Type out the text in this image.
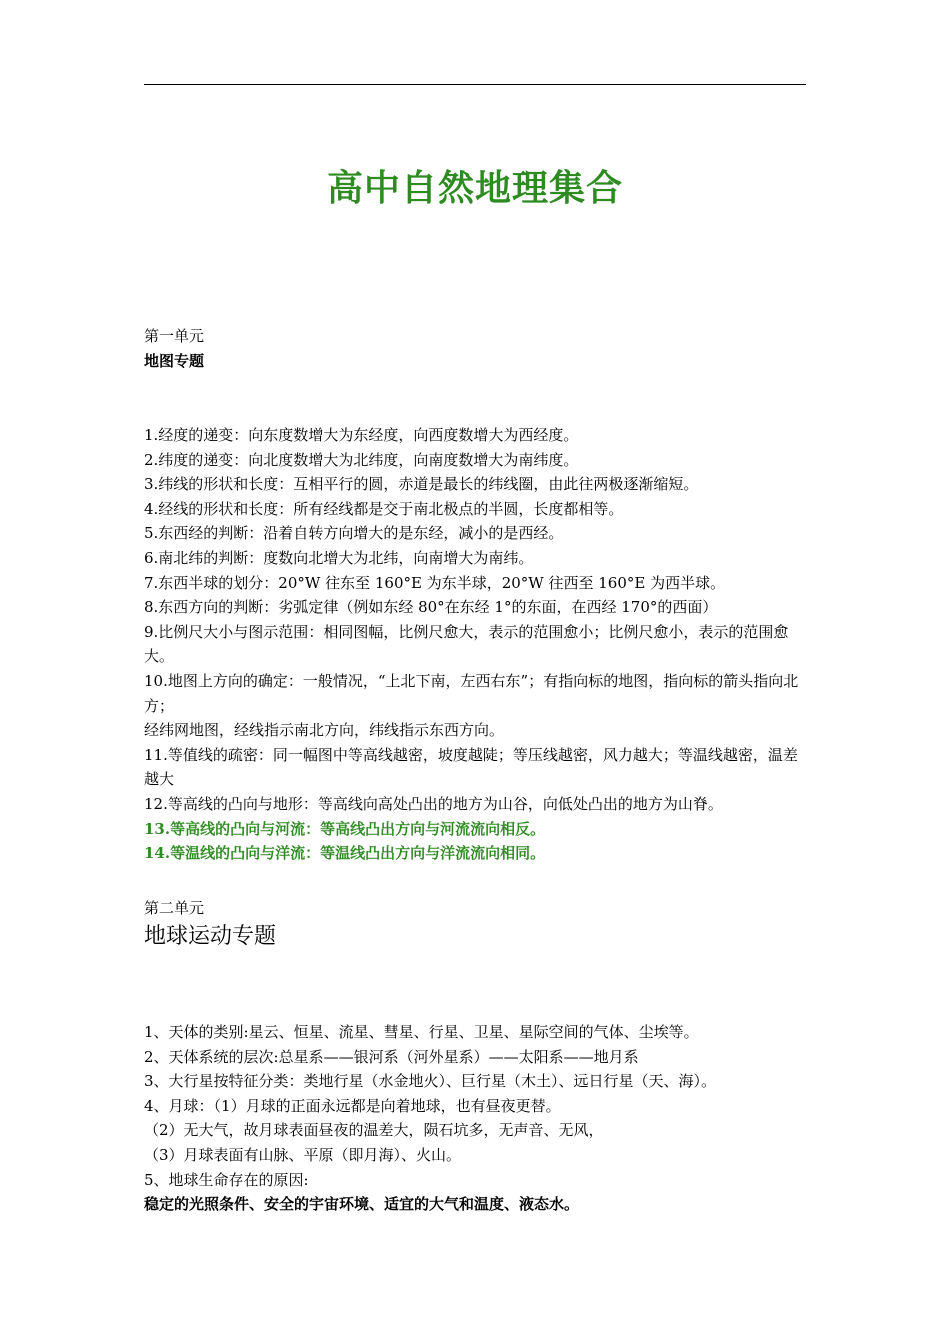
高中自然地理集合

第一单元

地图专题

1.经度的递变：向东度数增大为东经度，向西度数增大为西经度。

2.纬度的递变：向北度数增大为北纬度，向南度数增大为南纬度。

3.纬线的形状和长度：互相平行的圆，赤道是最长的纬线圈，由此往两极逐渐缩短。

4.经线的形状和长度：所有经线都是交于南北极点的半圆，长度都相等。

5.东西经的判断：沿着自转方向增大的是东经，减小的是西经。

6.南北纬的判断：度数向北增大为北纬，向南增大为南纬。

7.东西半球的划分：20°W 往东至 160°E 为东半球，20°W 往西至 160°E 为西半球。

8.东西方向的判断：劣弧定律（例如东经 80°在东经 1°的东面，在西经 170°的西面）

9.比例尺大小与图示范围：相同图幅，比例尺愈大，表示的范围愈小；比例尺愈小，表示的范围愈大。

10.地图上方向的确定：一般情况，“上北下南，左西右东”；有指向标的地图，指向标的箭头指向北方；

经纬网地图，经线指示南北方向，纬线指示东西方向。

11.等值线的疏密：同一幅图中等高线越密，坡度越陡；等压线越密，风力越大；等温线越密，温差越大

12.等高线的凸向与地形：等高线向高处凸出的地方为山谷，向低处凸出的地方为山脊。

13.等高线的凸向与河流：等高线凸出方向与河流流向相反。

14.等温线的凸向与洋流：等温线凸出方向与洋流流向相同。

第二单元

地球运动专题

1、天体的类别:星云、恒星、流星、彗星、行星、卫星、星际空间的气体、尘埃等。

2、天体系统的层次:总星系——银河系（河外星系）——太阳系——地月系

3、大行星按特征分类：类地行星（水金地火）、巨行星（木土）、远日行星（天、海）。

4、月球：（1）月球的正面永远都是向着地球，也有昼夜更替。

（2）无大气，故月球表面昼夜的温差大，陨石坑多，无声音、无风，

（3）月球表面有山脉、平原（即月海）、火山。

5、地球生命存在的原因:

稳定的光照条件、安全的宇宙环境、适宜的大气和温度、液态水。
